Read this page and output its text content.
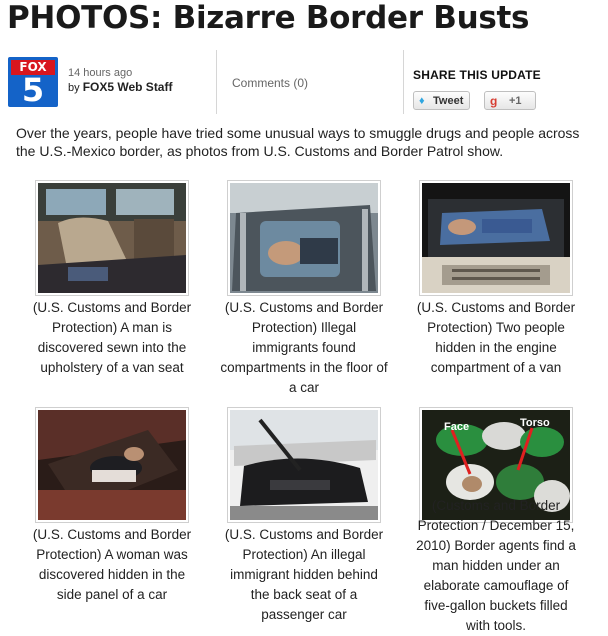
PHOTOS: Bizarre Border Busts
FOX
5	14 hours ago
by FOX5 Web Staff	Comments (0)
SHARE THIS UPDATE
♦ Tweet g +1

Over the years, people have tried some unusual ways to smuggle drugs and people across the U.S.-Mexico border, as photos from U.S. Customs and Border Patrol show.

(U.S. Customs and Border Protection) A man is discovered sewn into the upholstery of a van seat

(U.S. Customs and Border Protection) Illegal immigrants found compartments in the floor of a car

(U.S. Customs and Border Protection) Two people hidden in the engine compartment of a van

(U.S. Customs and Border Protection) A woman was discovered hidden in the side panel of a car

(U.S. Customs and Border Protection) An illegal immigrant hidden behind the back seat of a passenger car

Face	Torso

(Customs and Border Protection / December 15, 2010) Border agents find a man hidden under an elaborate camouflage of five-gallon buckets filled with tools.
